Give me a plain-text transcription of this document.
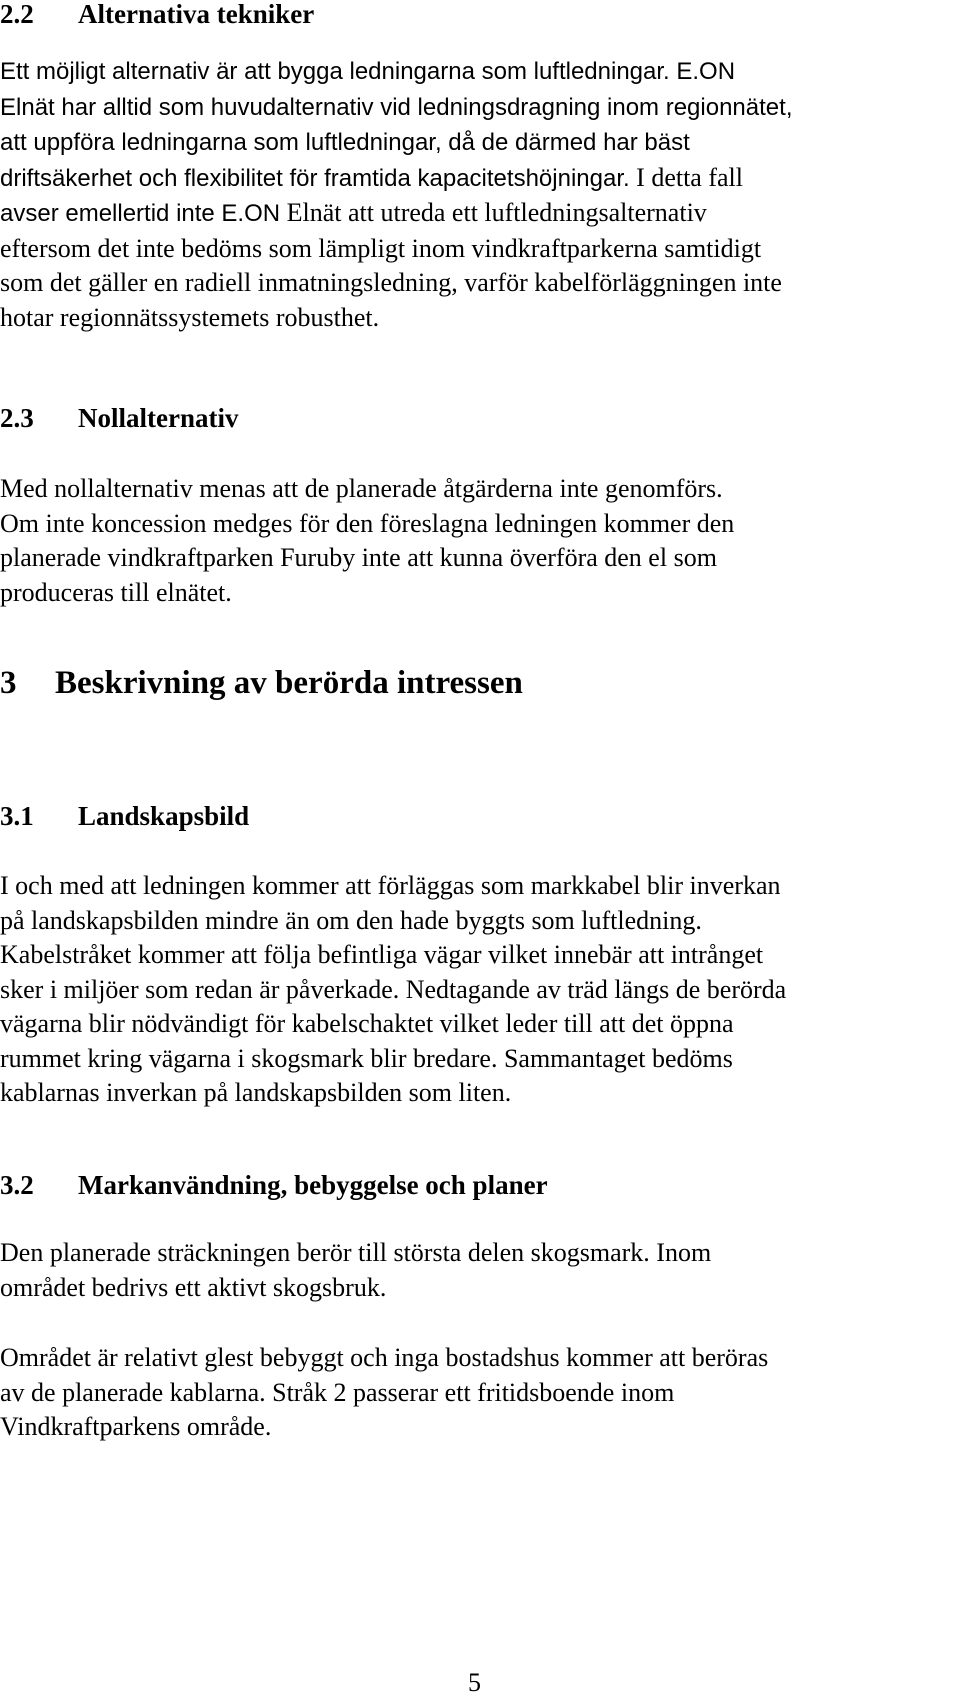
2.2 Alternativa tekniker
Ett möjligt alternativ är att bygga ledningarna som luftledningar. E.ON
Elnät har alltid som huvudalternativ vid ledningsdragning inom regionnätet,
att uppföra ledningarna som luftledningar, då de därmed har bäst
driftsäkerhet och flexibilitet för framtida kapacitetshöjningar. I detta fall
avser emellertid inte E.ON Elnät att utreda ett luftledningsalternativ
eftersom det inte bedöms som lämpligt inom vindkraftparkerna samtidigt
som det gäller en radiell inmatningsledning, varför kabelförläggningen inte
hotar regionnätssystemets robusthet.
2.3 Nollalternativ
Med nollalternativ menas att de planerade åtgärderna inte genomförs.
Om inte koncession medges för den föreslagna ledningen kommer den
planerade vindkraftparken Furuby inte att kunna överföra den el som
produceras till elnätet.
3 Beskrivning av berörda intressen
3.1 Landskapsbild
I och med att ledningen kommer att förläggas som markkabel blir inverkan
på landskapsbilden mindre än om den hade byggts som luftledning.
Kabelstråket kommer att följa befintliga vägar vilket innebär att intrånget
sker i miljöer som redan är påverkade. Nedtagande av träd längs de berörda
vägarna blir nödvändigt för kabelschaktet vilket leder till att det öppna
rummet kring vägarna i skogsmark blir bredare. Sammantaget bedöms
kablarnas inverkan på landskapsbilden som liten.
3.2 Markanvändning, bebyggelse och planer
Den planerade sträckningen berör till största delen skogsmark. Inom
området bedrivs ett aktivt skogsbruk.
Området är relativt glest bebyggt och inga bostadshus kommer att beröras
av de planerade kablarna. Stråk 2 passerar ett fritidsboende inom
Vindkraftparkens område.
5
